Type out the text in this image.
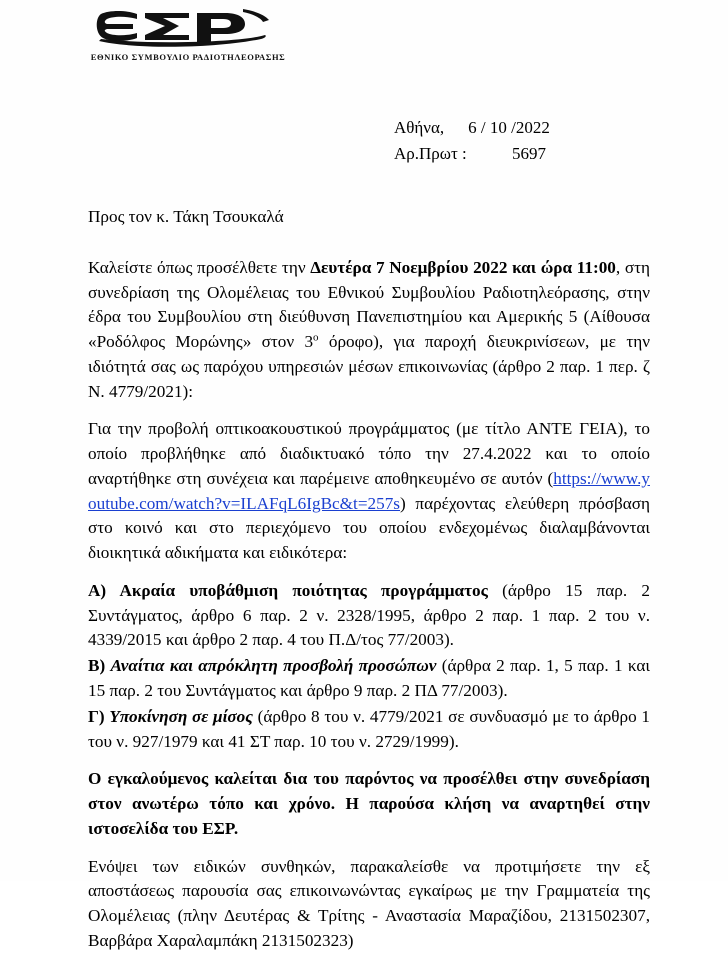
ΕΘΝΙΚΟ ΣΥΜΒΟΥΛΙΟ ΡΑΔΙΟΤΗΛΕΟΡΑΣΗΣ
Αθήνα, 6 / 10 /2022
Αρ.Πρωτ :	5697

Προς τον κ. Τάκη Τσουκαλά

Καλείστε όπως προσέλθετε την Δευτέρα 7 Νοεμβρίου 2022 και ώρα 11:00, στη συνεδρίαση της Ολομέλειας του Εθνικού Συμβουλίου Ραδιοτηλεόρασης, στην έδρα του Συμβουλίου στη διεύθυνση Πανεπιστημίου και Αμερικής 5 (Αίθουσα «Ροδόλφος Μορώνης» στον $3^o$ όροφο), για παροχή διευκρινίσεων, με την ιδιότητά σας ως παρόχου υπηρεσιών μέσων επικοινωνίας (άρθρο 2 παρ. 1 περ. ζ Ν. 4779/2021):

Για την προβολή οπτικοακουστικού προγράμματος (με τίτλο ΑΝΤΕ ΓΕΙΑ), το οποίο προβλήθηκε από διαδικτυακό τόπο την 27.4.2022 και το οποίο αναρτήθηκε στη συνέχεια και παρέμεινε αποθηκευμένο σε αυτόν (https://www.youtube.com/watch?v=ILAFqL6IgBc&t=257s) παρέχοντας ελεύθερη πρόσβαση στο κοινό και στο περιεχόμενο του οποίου ενδεχομένως διαλαμβάνονται διοικητικά αδικήματα και ειδικότερα:

Α) Ακραία υποβάθμιση ποιότητας προγράμματος (άρθρο 15 παρ. 2 Συντάγματος, άρθρο 6 παρ. 2 ν. 2328/1995, άρθρο 2 παρ. 1 παρ. 2 του ν. 4339/2015 και άρθρο 2 παρ. 4 του Π.Δ/τος 77/2003).

Β) Αναίτια και απρόκλητη προσβολή προσώπων (άρθρα 2 παρ. 1, 5 παρ. 1 και 15 παρ. 2 του Συντάγματος και άρθρο 9 παρ. 2 ΠΔ 77/2003).

Γ) Υποκίνηση σε μίσος (άρθρο 8 του ν. 4779/2021 σε συνδυασμό με το άρθρο 1 του ν. 927/1979 και 41 ΣΤ παρ. 10 του ν. 2729/1999).

Ο εγκαλούμενος καλείται δια του παρόντος να προσέλθει στην συνεδρίαση στον ανωτέρω τόπο και χρόνο. Η παρούσα κλήση να αναρτηθεί στην ιστοσελίδα του ΕΣΡ.

Ενόψει των ειδικών συνθηκών, παρακαλείσθε να προτιμήσετε την εξ αποστάσεως παρουσία σας επικοινωνώντας εγκαίρως με την Γραμματεία της Ολομέλειας (πλην Δευτέρας & Τρίτης - Αναστασία Μαραζίδου, 2131502307, Βαρβάρα Χαραλαμπάκη 2131502323)
